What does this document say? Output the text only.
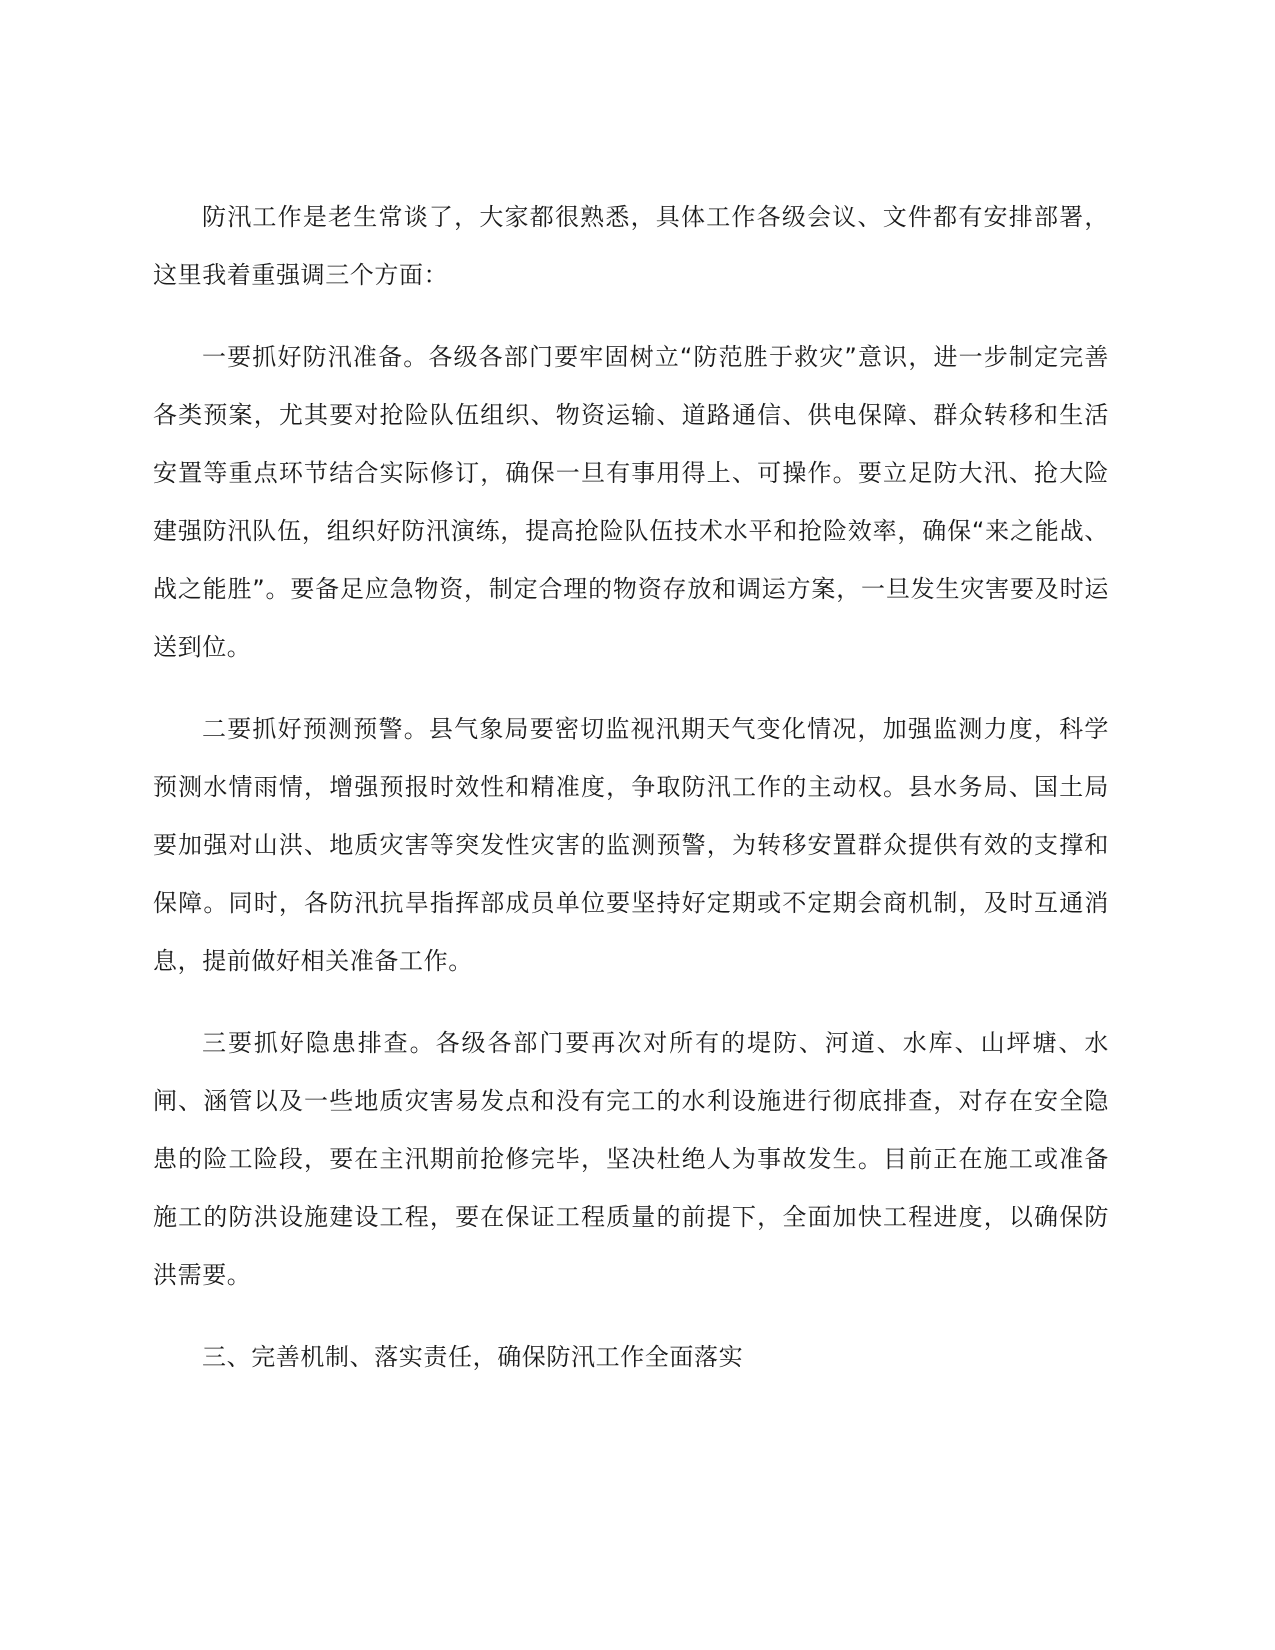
防汛工作是老生常谈了，大家都很熟悉，具体工作各级会议、文件都有安排部署，这里我着重强调三个方面：

一要抓好防汛准备。各级各部门要牢固树立“防范胜于救灾”意识，进一步制定完善各类预案，尤其要对抢险队伍组织、物资运输、道路通信、供电保障、群众转移和生活安置等重点环节结合实际修订，确保一旦有事用得上、可操作。要立足防大汛、抢大险建强防汛队伍，组织好防汛演练，提高抢险队伍技术水平和抢险效率，确保“来之能战、战之能胜”。要备足应急物资，制定合理的物资存放和调运方案，一旦发生灾害要及时运送到位。

二要抓好预测预警。县气象局要密切监视汛期天气变化情况，加强监测力度，科学预测水情雨情，增强预报时效性和精准度，争取防汛工作的主动权。县水务局、国土局要加强对山洪、地质灾害等突发性灾害的监测预警，为转移安置群众提供有效的支撑和保障。同时，各防汛抗旱指挥部成员单位要坚持好定期或不定期会商机制，及时互通消息，提前做好相关准备工作。

三要抓好隐患排查。各级各部门要再次对所有的堤防、河道、水库、山坪塘、水闸、涵管以及一些地质灾害易发点和没有完工的水利设施进行彻底排查，对存在安全隐患的险工险段，要在主汛期前抢修完毕，坚决杜绝人为事故发生。目前正在施工或准备施工的防洪设施建设工程，要在保证工程质量的前提下，全面加快工程进度，以确保防洪需要。

三、完善机制、落实责任，确保防汛工作全面落实
